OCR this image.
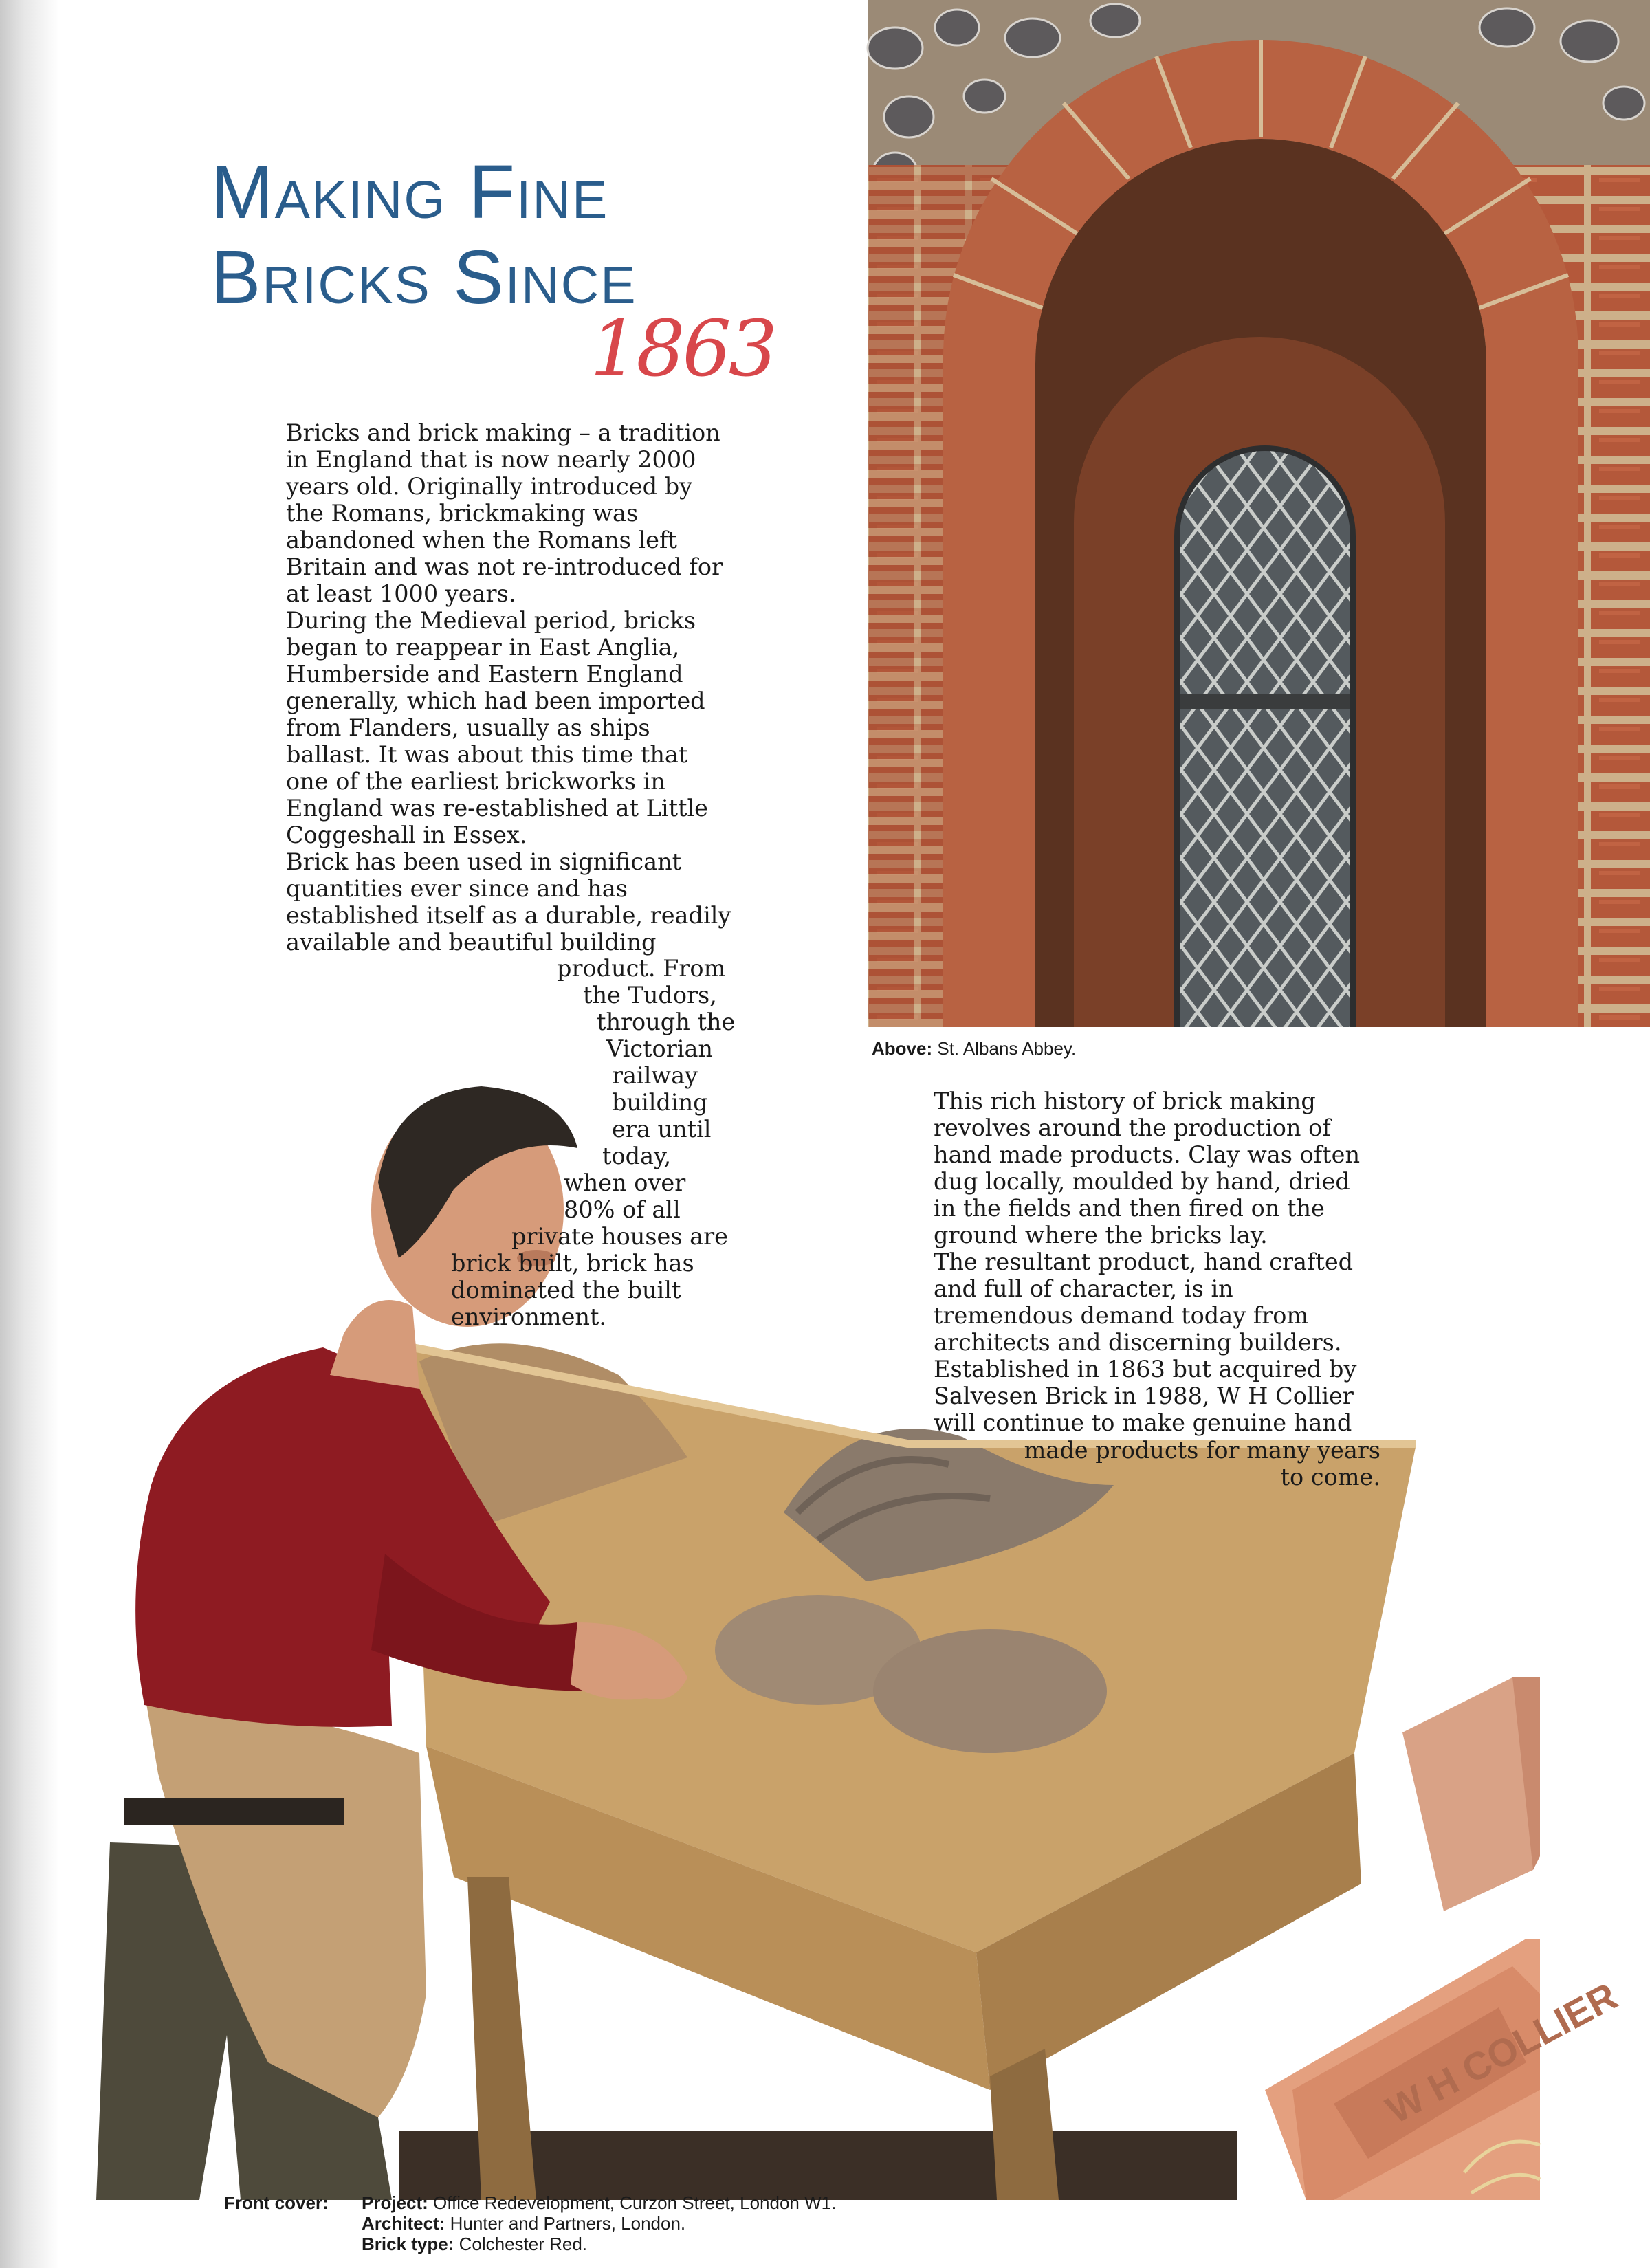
Above: St. Albans Abbey.
W H COLLIER
Making Fine
Bricks Since
1863

Bricks and brick making – a tradition
in England that is now nearly 2000
years old. Originally introduced by
the Romans, brickmaking was
abandoned when the Romans left
Britain and was not re-introduced for
at least 1000 years.
During the Medieval period, bricks
began to reappear in East Anglia,
Humberside and Eastern England
generally, which had been imported
from Flanders, usually as ships
ballast. It was about this time that
one of the earliest brickworks in
England was re-established at Little
Coggeshall in Essex.
Brick has been used in significant
quantities ever since and has
established itself as a durable, readily
available and beautiful building

product. From
the Tudors,
through the
Victorian
railway
building
era until
today,
when over
80% of all
private houses are
brick built, brick has
dominated the built
environment.

This rich history of brick making
revolves around the production of
hand made products. Clay was often
dug locally, moulded by hand, dried
in the fields and then fired on the
ground where the bricks lay.
The resultant product, hand crafted
and full of character, is in
tremendous demand today from
architects and discerning builders.
Established in 1863 but acquired by
Salvesen Brick in 1988, W H Collier
will continue to make genuine hand

made products for many years
to come.
Front cover: Project: Office Redevelopment, Curzon Street, London W1.
Architect: Hunter and Partners, London.
Brick type: Colchester Red.
